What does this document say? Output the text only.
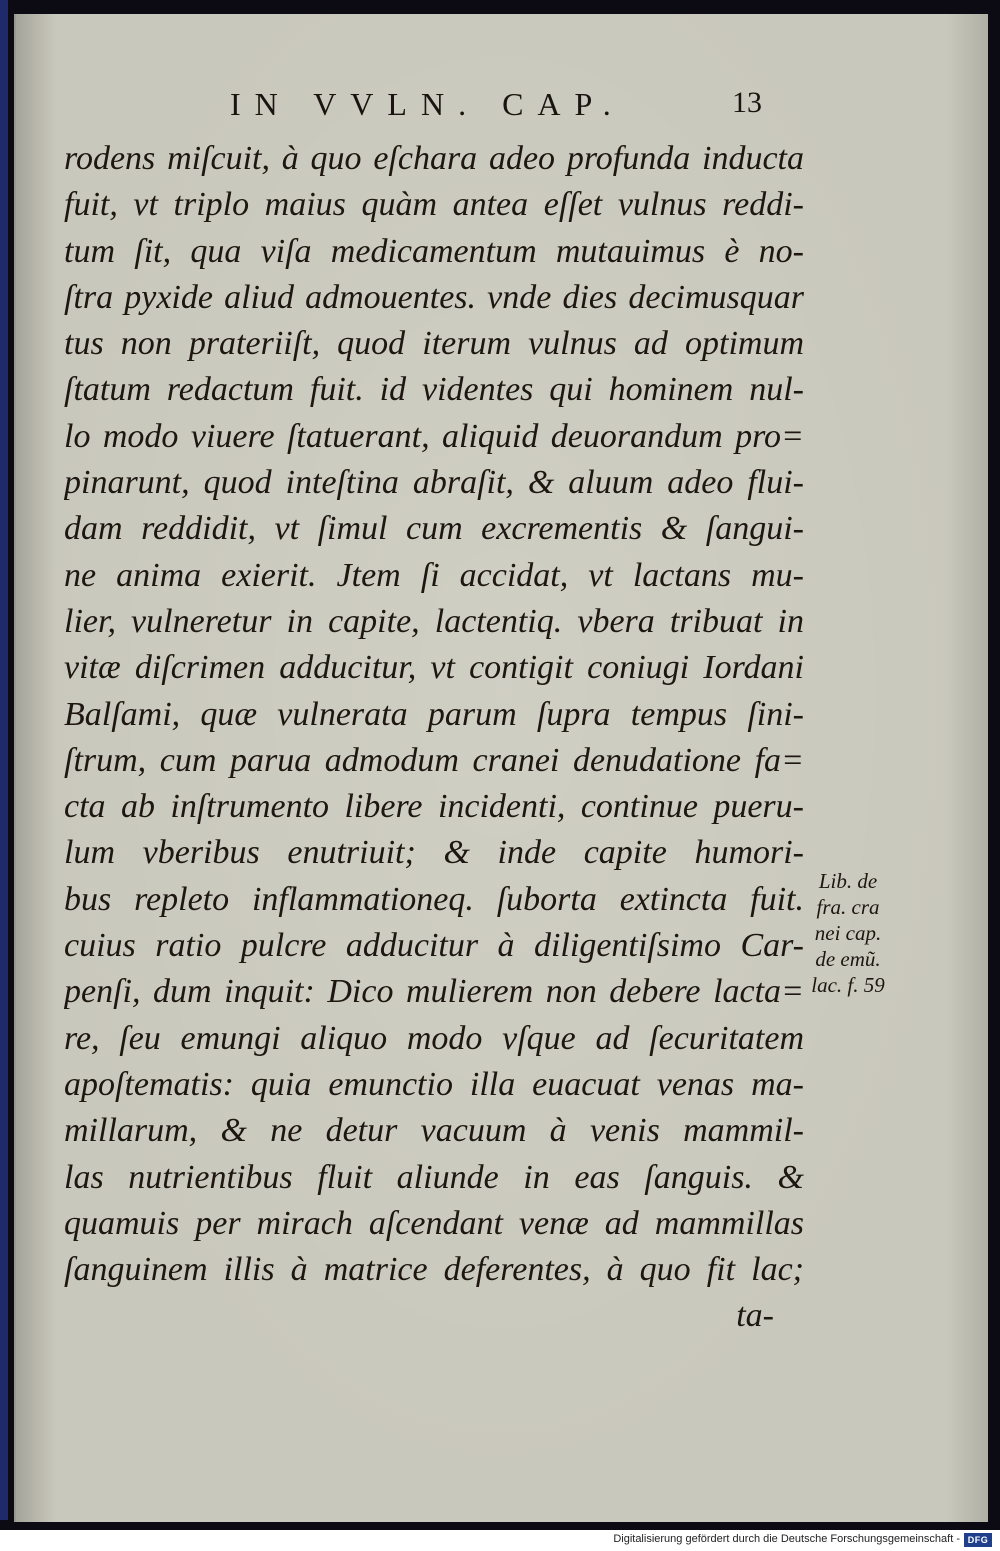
IN VVLN. CAP.	13
rodens miſcuit, à quo eſchara adeo profunda inducta
fuit, vt triplo maius quàm antea eſſet vulnus reddi-
tum ſit, qua viſa medicamentum mutauimus è no-
ſtra pyxide aliud admouentes. vnde dies decimusquar
tus non prateriiſt, quod iterum vulnus ad optimum
ſtatum redactum fuit. id videntes qui hominem nul-
lo modo viuere ſtatuerant, aliquid deuorandum pro=
pinarunt, quod inteſtina abraſit, & aluum adeo flui-
dam reddidit, vt ſimul cum excrementis & ſangui-
ne anima exierit. Jtem ſi accidat, vt lactans mu-
lier, vulneretur in capite, lactentiq. vbera tribuat in
vitæ diſcrimen adducitur, vt contigit coniugi Iordani
Balſami, quæ vulnerata parum ſupra tempus ſini-
ſtrum, cum parua admodum cranei denudatione fa=
cta ab inſtrumento libere incidenti, continue pueru-
lum vberibus enutriuit; & inde capite humori-
bus repleto inflammationeq. ſuborta extincta fuit.
cuius ratio pulcre adducitur à diligentiſsimo Car-
penſi, dum inquit: Dico mulierem non debere lacta=
re, ſeu emungi aliquo modo vſque ad ſecuritatem
apoſtematis: quia emunctio illa euacuat venas ma-
millarum, & ne detur vacuum à venis mammil-
las nutrientibus fluit aliunde in eas ſanguis. &
quamuis per mirach aſcendant venæ ad mammillas
ſanguinem illis à matrice deferentes, à quo fit lac;
ta-
Lib. de
fra. cra
nei cap.
de emũ.
lac. f. 59
Digitalisierung gefördert durch die Deutsche Forschungsgemeinschaft - DFG
